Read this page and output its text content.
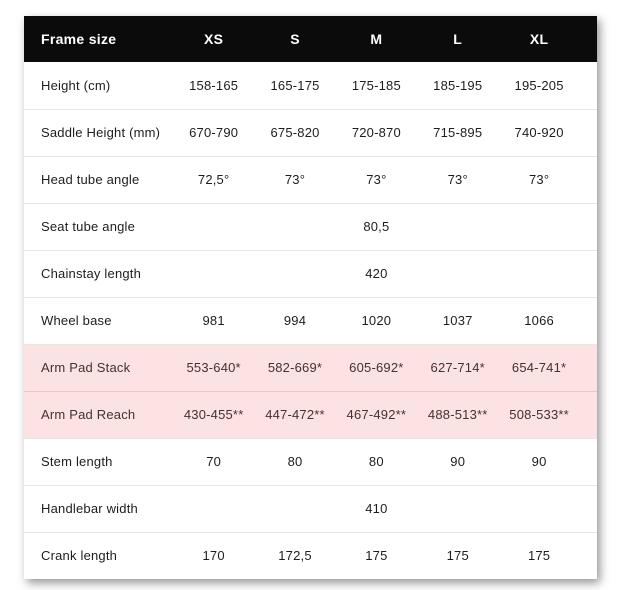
Frame size	XS	S	M	L	XL	
Height (cm)	158-165	165-175	175-185	185-195	195-205	
Saddle Height (mm)	670-790	675-820	720-870	715-895	740-920	
Head tube angle	72,5°	73°	73°	73°	73°	
Seat tube angle			80,5			
Chainstay length			420			
Wheel base	981	994	1020	1037	1066	
Arm Pad Stack	553-640*	582-669*	605-692*	627-714*	654-741*	
Arm Pad Reach	430-455**	447-472**	467-492**	488-513**	508-533**	
Stem length	70	80	80	90	90	
Handlebar width			410			
Crank length	170	172,5	175	175	175	
